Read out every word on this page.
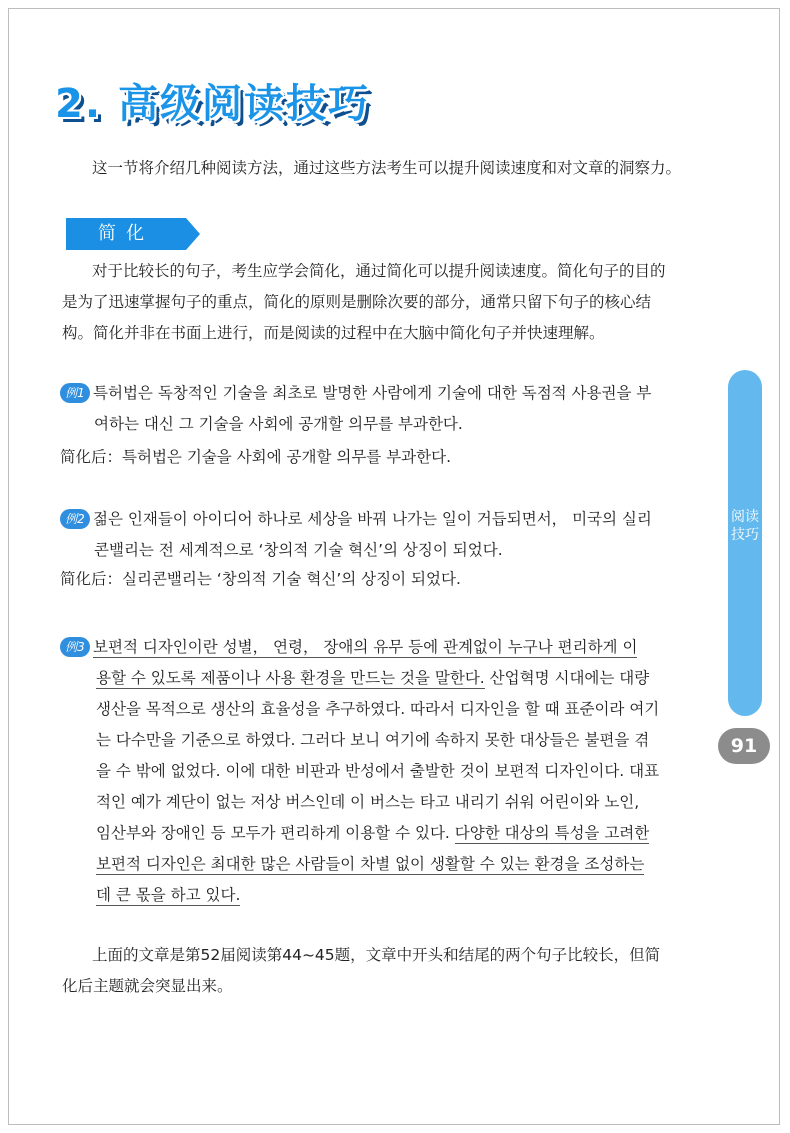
2. 高级阅读技巧
这一节将介绍几种阅读方法，通过这些方法考生可以提升阅读速度和对文章的洞察力。
简化
对于比较长的句子，考生应学会简化，通过简化可以提升阅读速度。简化句子的目的
是为了迅速掌握句子的重点，简化的原则是删除次要的部分，通常只留下句子的核心结
构。简化并非在书面上进行，而是阅读的过程中在大脑中简化句子并快速理解。
例1 특허법은 독창적인 기술을 최초로 발명한 사람에게 기술에 대한 독점적 사용권을 부
여하는 대신 그 기술을 사회에 공개할 의무를 부과한다.
简化后：특허법은 기술을 사회에 공개할 의무를 부과한다.
例2 젊은 인재들이 아이디어 하나로 세상을 바꿔 나가는 일이 거듭되면서， 미국의 실리
콘밸리는 전 세계적으로 ‘창의적 기술 혁신’의 상징이 되었다.
简化后：실리콘밸리는 ‘창의적 기술 혁신’의 상징이 되었다.
例3 보편적 디자인이란 성별， 연령， 장애의 유무 등에 관계없이 누구나 편리하게 이
용할 수 있도록 제품이나 사용 환경을 만드는 것을 말한다. 산업혁명 시대에는 대량
생산을 목적으로 생산의 효율성을 추구하였다. 따라서 디자인을 할 때 표준이라 여기
는 다수만을 기준으로 하였다. 그러다 보니 여기에 속하지 못한 대상들은 불편을 겪
을 수 밖에 없었다. 이에 대한 비판과 반성에서 출발한 것이 보편적 디자인이다. 대표
적인 예가 계단이 없는 저상 버스인데 이 버스는 타고 내리기 쉬워 어린이와 노인,
임산부와 장애인 등 모두가 편리하게 이용할 수 있다. 다양한 대상의 특성을 고려한
보편적 디자인은 최대한 많은 사람들이 차별 없이 생활할 수 있는 환경을 조성하는
데 큰 몫을 하고 있다.
上面的文章是第52届阅读第44~45题，文章中开头和结尾的两个句子比较长，但简
化后主题就会突显出来。
阅读
技巧
91
